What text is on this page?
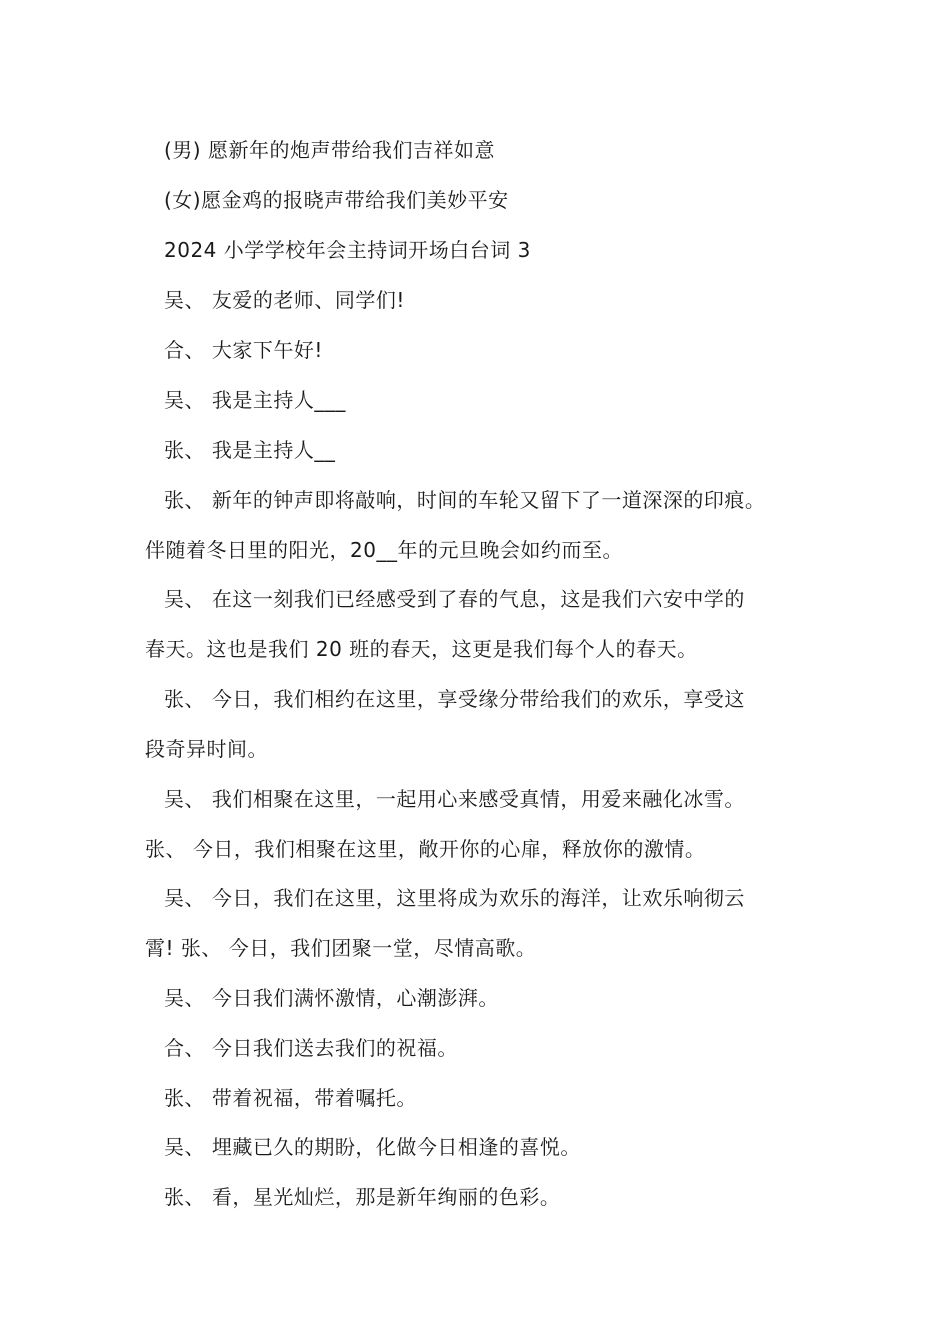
(男) 愿新年的炮声带给我们吉祥如意

(女)愿金鸡的报晓声带给我们美妙平安

2024 小学学校年会主持词开场白台词 3

吴、 友爱的老师、同学们!

合、 大家下午好!

吴、 我是主持人___

张、 我是主持人__

张、 新年的钟声即将敲响，时间的车轮又留下了一道深深的印痕。

伴随着冬日里的阳光，20__年的元旦晚会如约而至。

吴、 在这一刻我们已经感受到了春的气息，这是我们六安中学的

春天。这也是我们 20 班的春天，这更是我们每个人的春天。

张、 今日，我们相约在这里，享受缘分带给我们的欢乐，享受这

段奇异时间。

吴、 我们相聚在这里，一起用心来感受真情，用爱来融化冰雪。

张、 今日，我们相聚在这里，敞开你的心扉，释放你的激情。

吴、 今日，我们在这里，这里将成为欢乐的海洋，让欢乐响彻云

霄! 张、 今日，我们团聚一堂，尽情高歌。

吴、 今日我们满怀激情，心潮澎湃。

合、 今日我们送去我们的祝福。

张、 带着祝福，带着嘱托。

吴、 埋藏已久的期盼，化做今日相逢的喜悦。

张、 看，星光灿烂，那是新年绚丽的色彩。
